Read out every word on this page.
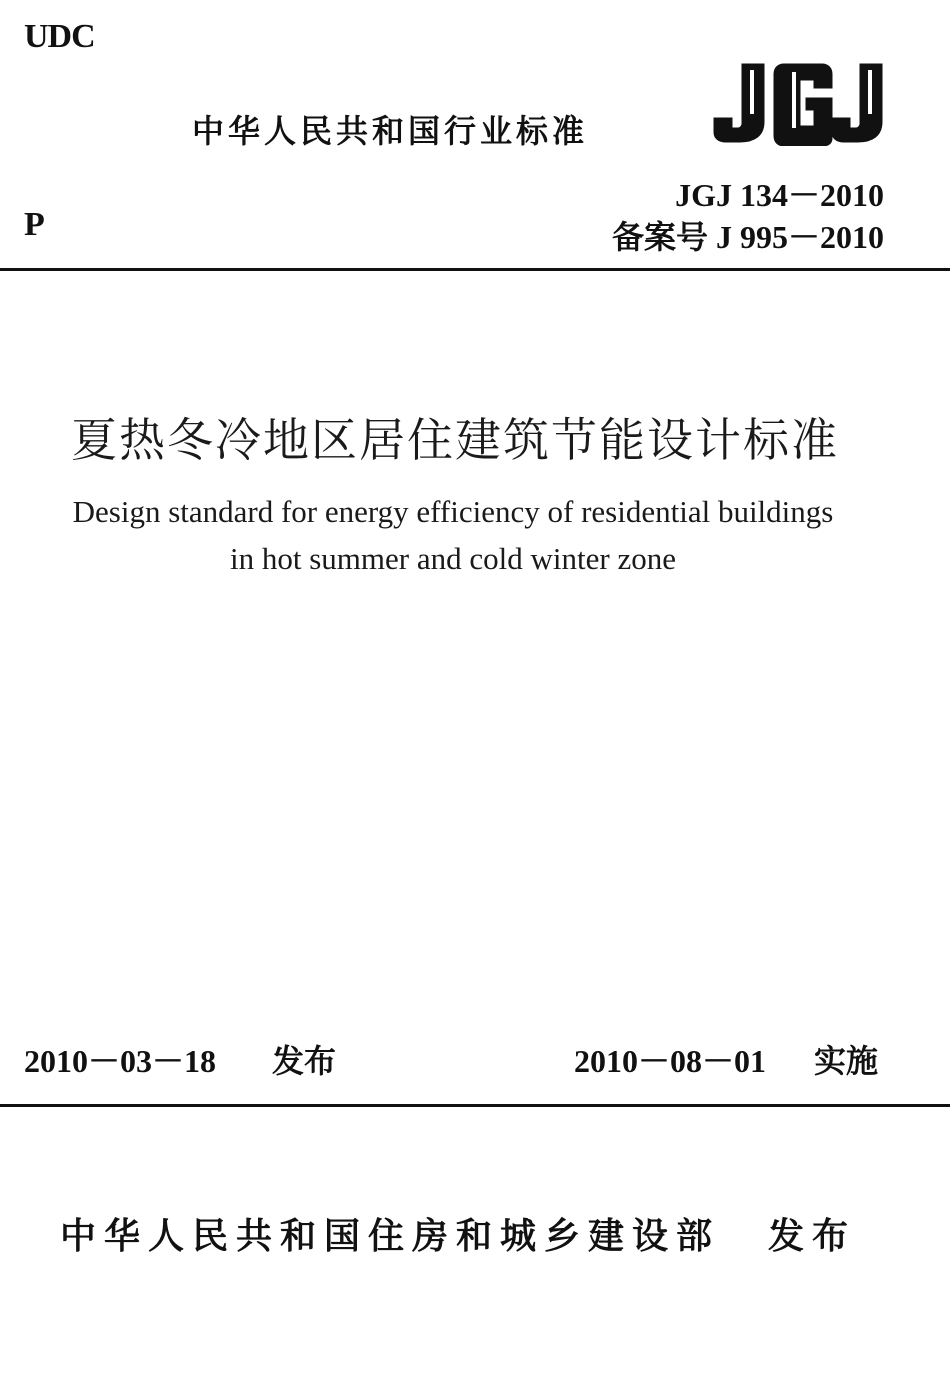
UDC
中华人民共和国行业标准
P
JGJ 134－2010
备案号 J 995－2010
夏热冬冷地区居住建筑节能设计标准
Design standard for energy efficiency of residential buildings
in hot summer and cold winter zone
2010－03－18 发布	2010－08－01 实施
中华人民共和国住房和城乡建设部 发布
